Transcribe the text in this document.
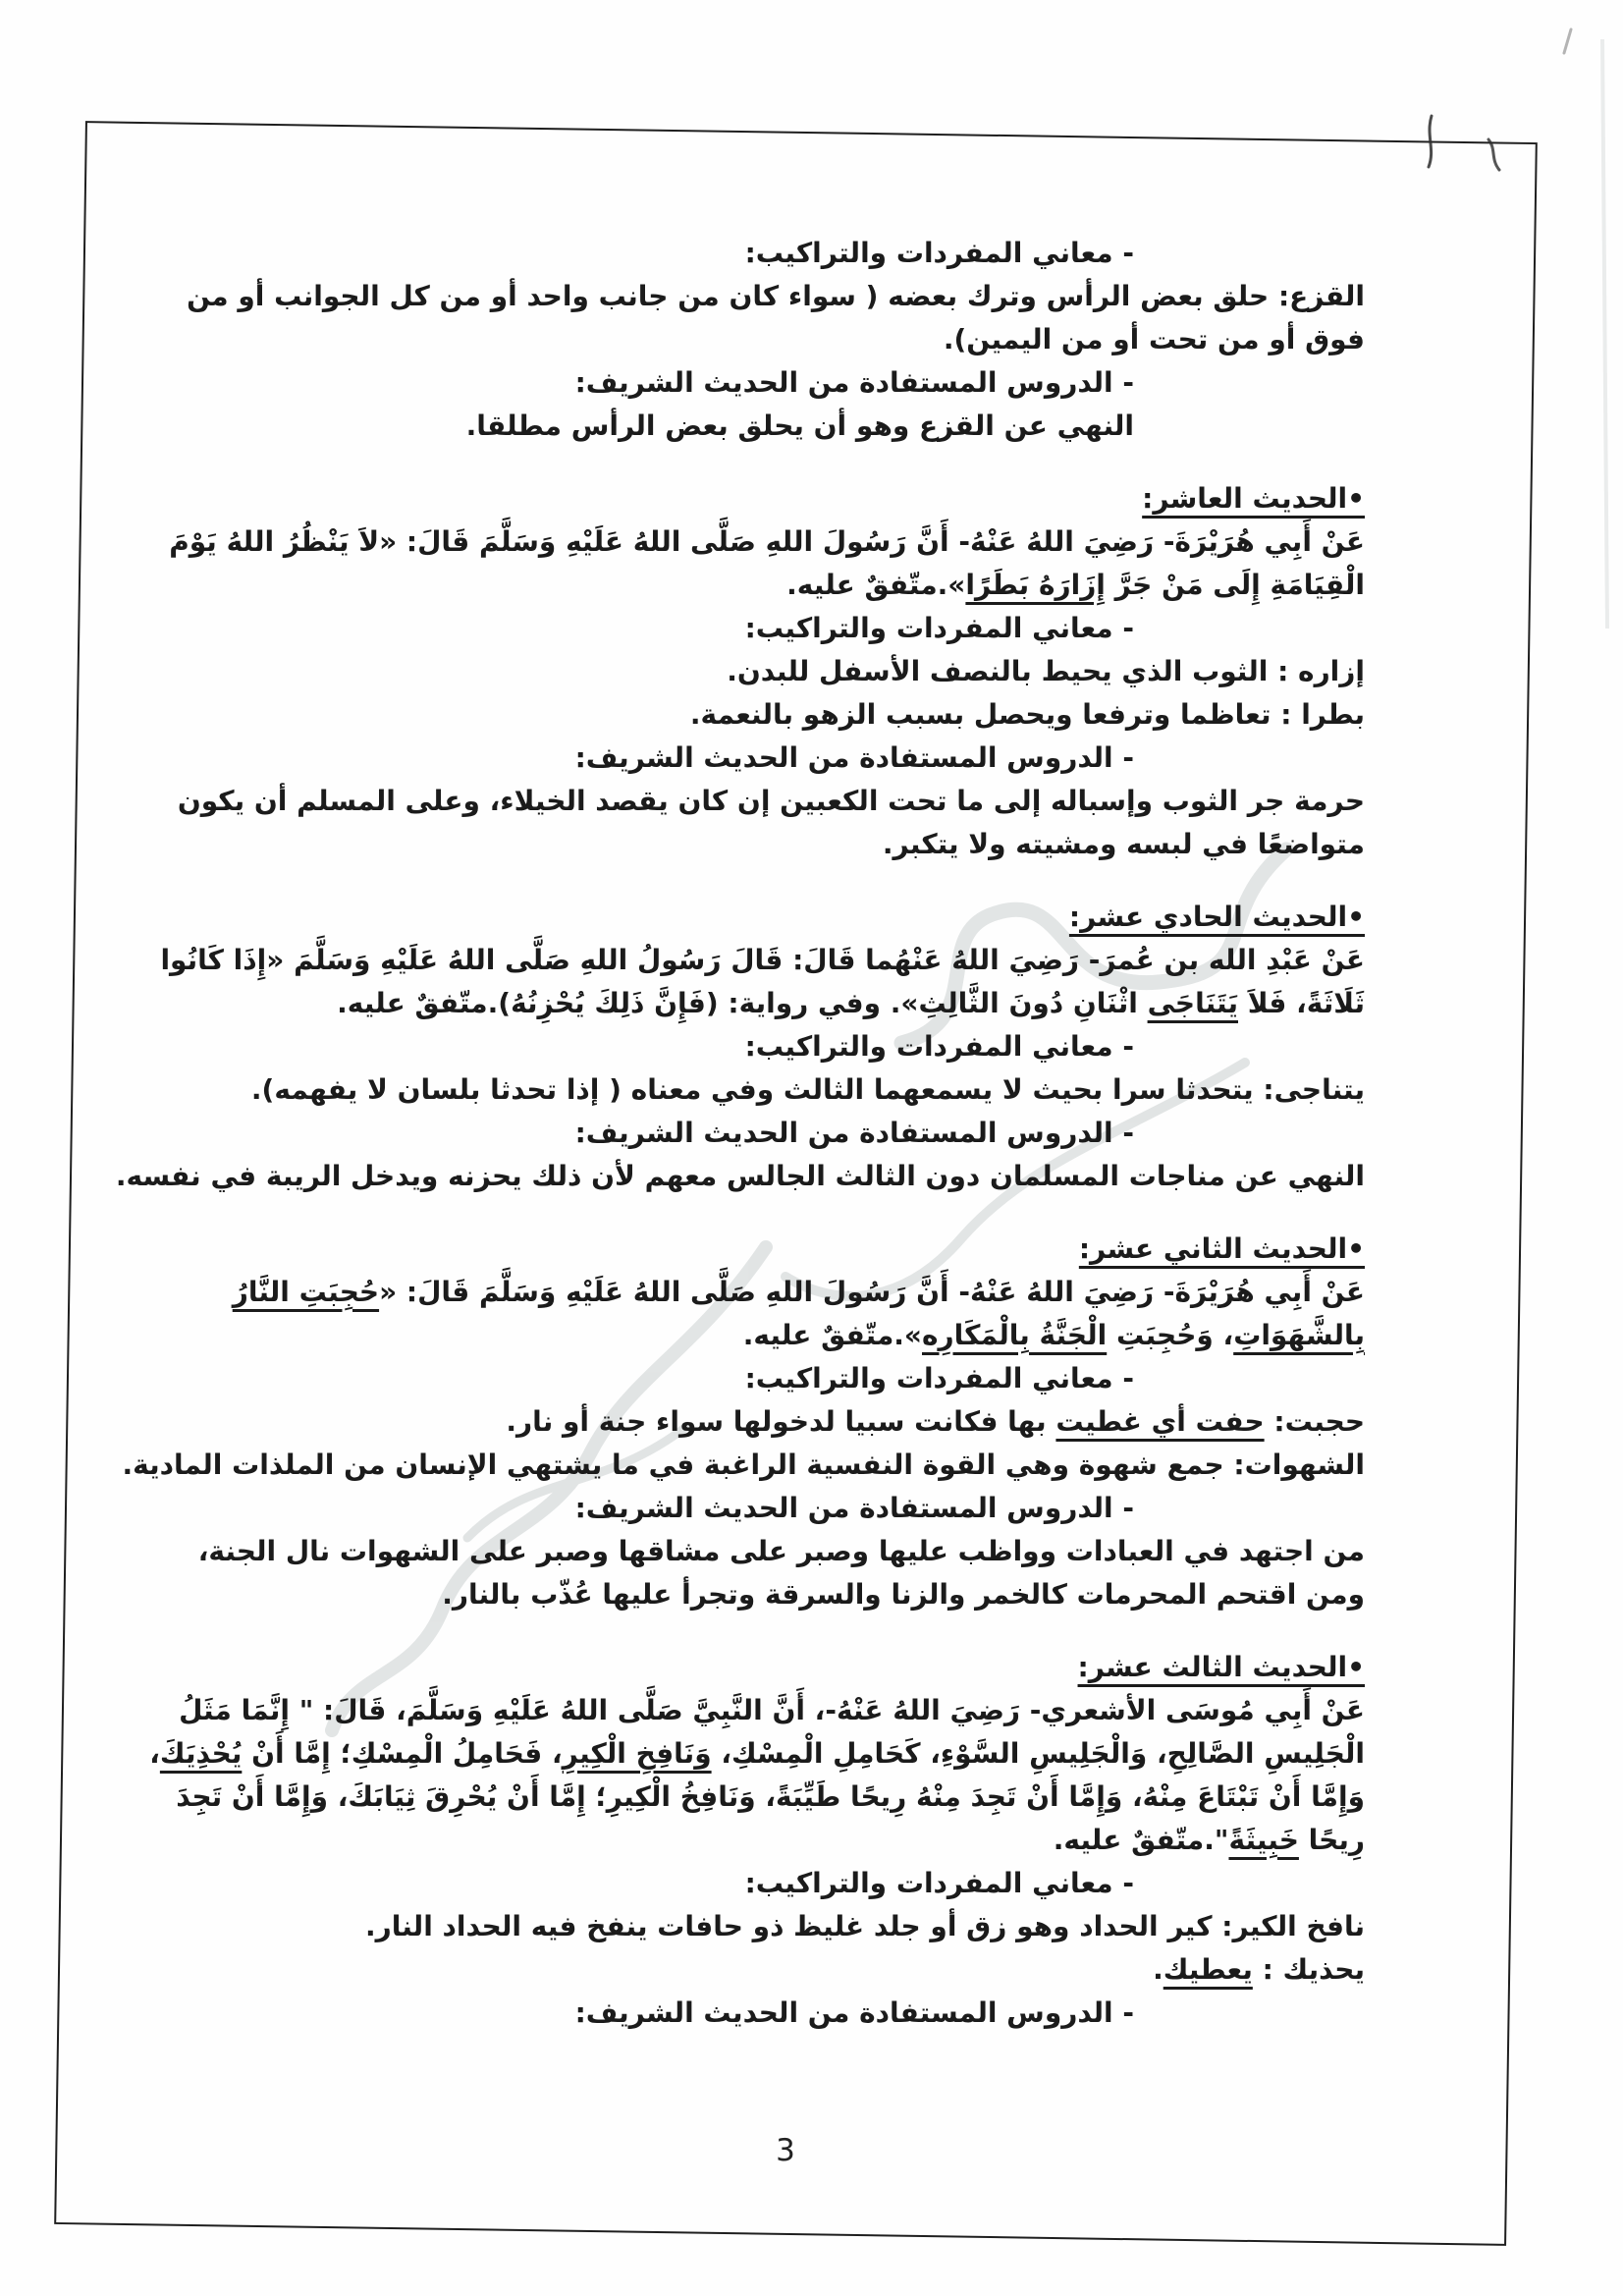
- معاني المفردات والتراكيب:
القزع: حلق بعض الرأس وترك بعضه ( سواء كان من جانب واحد أو من كل الجوانب أو من
فوق أو من تحت أو من اليمين).
- الدروس المستفادة من الحديث الشريف:
النهي عن القزع وهو أن يحلق بعض الرأس مطلقا.
•الحديث العاشر:
عَنْ أَبِي هُرَيْرَةَ- رَضِيَ اللهُ عَنْهُ- أَنَّ رَسُولَ اللهِ صَلَّى اللهُ عَلَيْهِ وَسَلَّمَ قَالَ: «لاَ يَنْظُرُ اللهُ يَوْمَ
الْقِيَامَةِ إِلَى مَنْ جَرَّ إِزَارَهُ بَطَرًا».متّفقٌ عليه.
- معاني المفردات والتراكيب:
إزاره : الثوب الذي يحيط بالنصف الأسفل للبدن.
بطرا : تعاظما وترفعا ويحصل بسبب الزهو بالنعمة.
- الدروس المستفادة من الحديث الشريف:
حرمة جر الثوب وإسباله إلى ما تحت الكعبين إن كان يقصد الخيلاء، وعلى المسلم أن يكون
متواضعًا في لبسه ومشيته ولا يتكبر.
•الحديث الحادي عشر:
عَنْ عَبْدِ الله بن عُمرَ- رَضِيَ اللهُ عَنْهُما قَالَ: قَالَ رَسُولُ اللهِ صَلَّى اللهُ عَلَيْهِ وَسَلَّمَ «إِذَا كَانُوا
ثَلَاثَةً، فَلاَ يَتَنَاجَى اثْنَانِ دُونَ الثَّالِثِ». وفي رواية: (فَإِنَّ ذَلِكَ يُحْزِنُهُ).متّفقٌ عليه.
- معاني المفردات والتراكيب:
يتناجى: يتحدثا سرا بحيث لا يسمعهما الثالث وفي معناه ( إذا تحدثا بلسان لا يفهمه).
- الدروس المستفادة من الحديث الشريف:
النهي عن مناجات المسلمان دون الثالث الجالس معهم لأن ذلك يحزنه ويدخل الريبة في نفسه.
•الحديث الثاني عشر:
عَنْ أَبِي هُرَيْرَةَ- رَضِيَ اللهُ عَنْهُ- أَنَّ رَسُولَ اللهِ صَلَّى اللهُ عَلَيْهِ وَسَلَّمَ قَالَ: «حُجِبَتِ النَّارُ
بِالشَّهَوَاتِ، وَحُجِبَتِ الْجَنَّةُ بِالْمَكَارِه».متّفقٌ عليه.
- معاني المفردات والتراكيب:
حجبت: حفت أي غطيت بها فكانت سبيا لدخولها سواء جنة أو نار.
الشهوات: جمع شهوة وهي القوة النفسية الراغبة في ما يشتهي الإنسان من الملذات المادية.
- الدروس المستفادة من الحديث الشريف:
من اجتهد في العبادات وواظب عليها وصبر على مشاقها وصبر على الشهوات نال الجنة،
ومن اقتحم المحرمات كالخمر والزنا والسرقة وتجرأ عليها عُذّب بالنار.
•الحديث الثالث عشر:
عَنْ أَبِي مُوسَى الأشعري- رَضِيَ اللهُ عَنْهُ-، أَنَّ النَّبِيَّ صَلَّى اللهُ عَلَيْهِ وَسَلَّمَ، قَالَ: " إِنَّمَا مَثَلُ
الْجَلِيسِ الصَّالِحِ، وَالْجَلِيسِ السَّوْءِ، كَحَامِلِ الْمِسْكِ، وَنَافِخِ الْكِيرِ، فَحَامِلُ الْمِسْكِ؛ إِمَّا أَنْ يُحْذِيَكَ،
وَإِمَّا أَنْ تَبْتَاعَ مِنْهُ، وَإِمَّا أَنْ تَجِدَ مِنْهُ رِيحًا طَيِّبَةً، وَنَافِخُ الْكِيرِ؛ إِمَّا أَنْ يُحْرِقَ ثِيَابَكَ، وَإِمَّا أَنْ تَجِدَ
رِيحًا خَبِيثَةً".متّفقٌ عليه.
- معاني المفردات والتراكيب:
نافخ الكير: كير الحداد وهو زق أو جلد غليظ ذو حافات ينفخ فيه الحداد النار.
يحذيك : يعطيك.
- الدروس المستفادة من الحديث الشريف:
3
